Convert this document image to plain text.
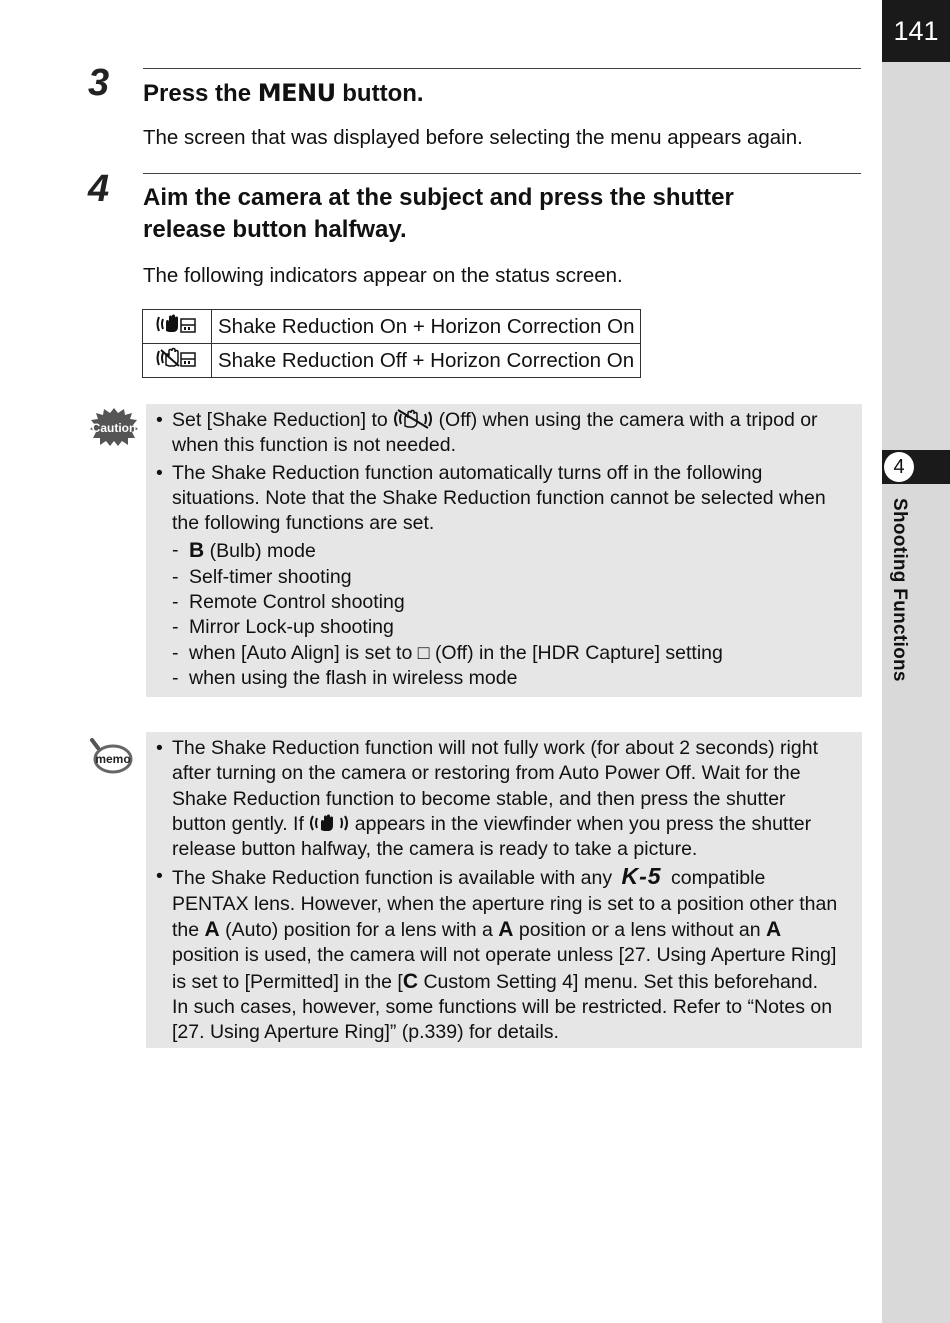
141
4
Shooting Functions
3 Press the MENU button.
The screen that was displayed before selecting the menu appears again.
4 Aim the camera at the subject and press the shutter
release button halfway.
The following indicators appear on the status screen.
	Shake Reduction On + Horizon Correction On
	Shake Reduction Off + Horizon Correction On
Caution • Set [Shake Reduction] to	(Off) when using the camera with a tripod or
when this function is not needed.
• The Shake Reduction function automatically turns off in the following
situations. Note that the Shake Reduction function cannot be selected when
the following functions are set.
- B (Bulb) mode
- Self-timer shooting
- Remote Control shooting
- Mirror Lock-up shooting
- when [Auto Align] is set to □ (Off) in the [HDR Capture] setting
- when using the flash in wireless mode
memo • The Shake Reduction function will not fully work (for about 2 seconds) right
after turning on the camera or restoring from Auto Power Off. Wait for the
Shake Reduction function to become stable, and then press the shutter
button gently. If	appears in the viewfinder when you press the shutter
release button halfway, the camera is ready to take a picture.
• The Shake Reduction function is available with any K-5 compatible
PENTAX lens. However, when the aperture ring is set to a position other than
the A (Auto) position for a lens with a A position or a lens without an A
position is used, the camera will not operate unless [27. Using Aperture Ring]
is set to [Permitted] in the [C Custom Setting 4] menu. Set this beforehand.
In such cases, however, some functions will be restricted. Refer to “Notes on
[27. Using Aperture Ring]” (p.339) for details.
